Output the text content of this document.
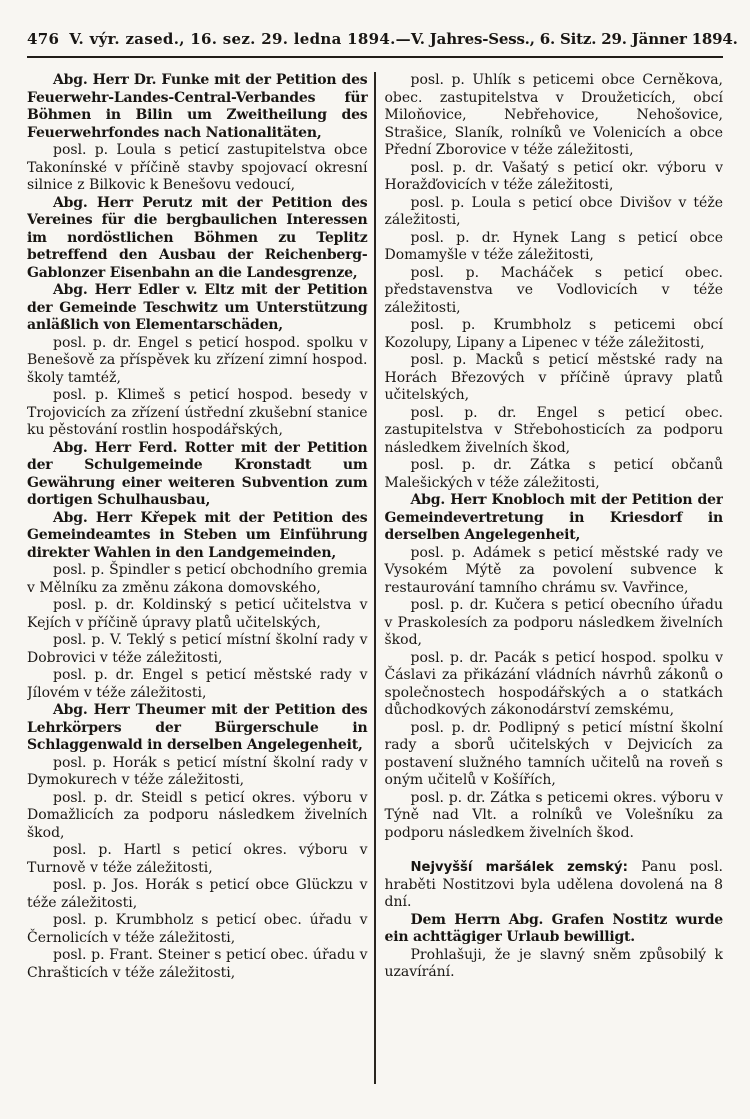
476 V. výr. zased., 16. sez. 29. ledna 1894. — V. Jahres-Sess., 6. Sitz. 29. Jänner 1894.

Abg. Herr Dr. Funke mit der Petition des Feuerwehr-Landes-Central-Verbandes für Böhmen in Bilin um Zweitheilung des Feuerwehrfondes nach Nationalitäten,

posl. p. Loula s peticí zastupitelstva obce Takonínské v příčině stavby spojovací okresní silnice z Bilkovic k Benešovu vedoucí,

Abg. Herr Perutz mit der Petition des Vereines für die bergbaulichen Interessen im nordöstlichen Böhmen zu Teplitz betreffend den Ausbau der Reichenberg-Gablonzer Eisenbahn an die Landesgrenze,

Abg. Herr Edler v. Eltz mit der Petition der Gemeinde Teschwitz um Unterstützung anläßlich von Elementarschäden,

posl. p. dr. Engel s peticí hospod. spolku v Benešově za příspěvek ku zřízení zimní hospod. školy tamtéž,

posl. p. Klimeš s peticí hospod. besedy v Trojovicích za zřízení ústřední zkušební stanice ku pěstování rostlin hospodářských,

Abg. Herr Ferd. Rotter mit der Petition der Schulgemeinde Kronstadt um Gewährung einer weiteren Subvention zum dortigen Schulhausbau,

Abg. Herr Křepek mit der Petition des Gemeindeamtes in Steben um Einführung direkter Wahlen in den Landgemeinden,

posl. p. Špindler s peticí obchodního gremia v Mělníku za změnu zákona domovského,

posl. p. dr. Koldinský s peticí učitelstva v Kejích v příčině úpravy platů učitelských,

posl. p. V. Teklý s peticí místní školní rady v Dobrovici v téže záležitosti,

posl. p. dr. Engel s peticí městské rady v Jílovém v téže záležitosti,

Abg. Herr Theumer mit der Petition des Lehrkörpers der Bürgerschule in Schlaggenwald in derselben Angelegenheit,

posl. p. Horák s peticí místní školní rady v Dymokurech v téže záležitosti,

posl. p. dr. Steidl s peticí okres. výboru v Domažlicích za podporu následkem živelních škod,

posl. p. Hartl s peticí okres. výboru v Turnově v téže záležitosti,

posl. p. Jos. Horák s peticí obce Glückzu v téže záležitosti,

posl. p. Krumbholz s peticí obec. úřadu v Černolicích v téže záležitosti,

posl. p. Frant. Steiner s peticí obec. úřadu v Chrašticích v téže záležitosti,

posl. p. Uhlík s peticemi obce Cerněkova, obec. zastupitelstva v Droužeticích, obcí Miloňovice, Nebřehovice, Nehošovice, Strašice, Slaník, rolníků ve Volenicích a obce Přední Zborovice v téže záležitosti,

posl. p. dr. Vašatý s peticí okr. výboru v Horažďovicích v téže záležitosti,

posl. p. Loula s peticí obce Divišov v téže záležitosti,

posl. p. dr. Hynek Lang s peticí obce Domamyšle v téže záležitosti,

posl. p. Macháček s peticí obec. představenstva ve Vodlovicích v téže záležitosti,

posl. p. Krumbholz s peticemi obcí Kozolupy, Lipany a Lipenec v téže záležitosti,

posl. p. Macků s peticí městské rady na Horách Březových v příčině úpravy platů učitelských,

posl. p. dr. Engel s peticí obec. zastupitelstva v Střebohosticích za podporu následkem živelních škod,

posl. p. dr. Zátka s peticí občanů Malešických v téže záležitosti,

Abg. Herr Knobloch mit der Petition der Gemeindevertretung in Kriesdorf in derselben Angelegenheit,

posl. p. Adámek s peticí městské rady ve Vysokém Mýtě za povolení subvence k restaurování tamního chrámu sv. Vavřince,

posl. p. dr. Kučera s peticí obecního úřadu v Praskolesích za podporu následkem živelních škod,

posl. p. dr. Pacák s peticí hospod. spolku v Čáslavi za přikázání vládních návrhů zákonů o společnostech hospodářských a o statkách důchodkových zákonodárství zemskému,

posl. p. dr. Podlipný s peticí místní školní rady a sborů učitelských v Dejvicích za postavení služného tamních učitelů na roveň s oným učitelů v Košířích,

posl. p. dr. Zátka s peticemi okres. výboru v Týně nad Vlt. a rolníků ve Volešníku za podporu následkem živelních škod.

Nejvyšší maršálek zemský: Panu posl. hraběti Nostitzovi byla udělena dovolená na 8 dní.

Dem Herrn Abg. Grafen Nostitz wurde ein achttägiger Urlaub bewilligt.

Prohlašuji, že je slavný sněm způsobilý k uzavírání.
